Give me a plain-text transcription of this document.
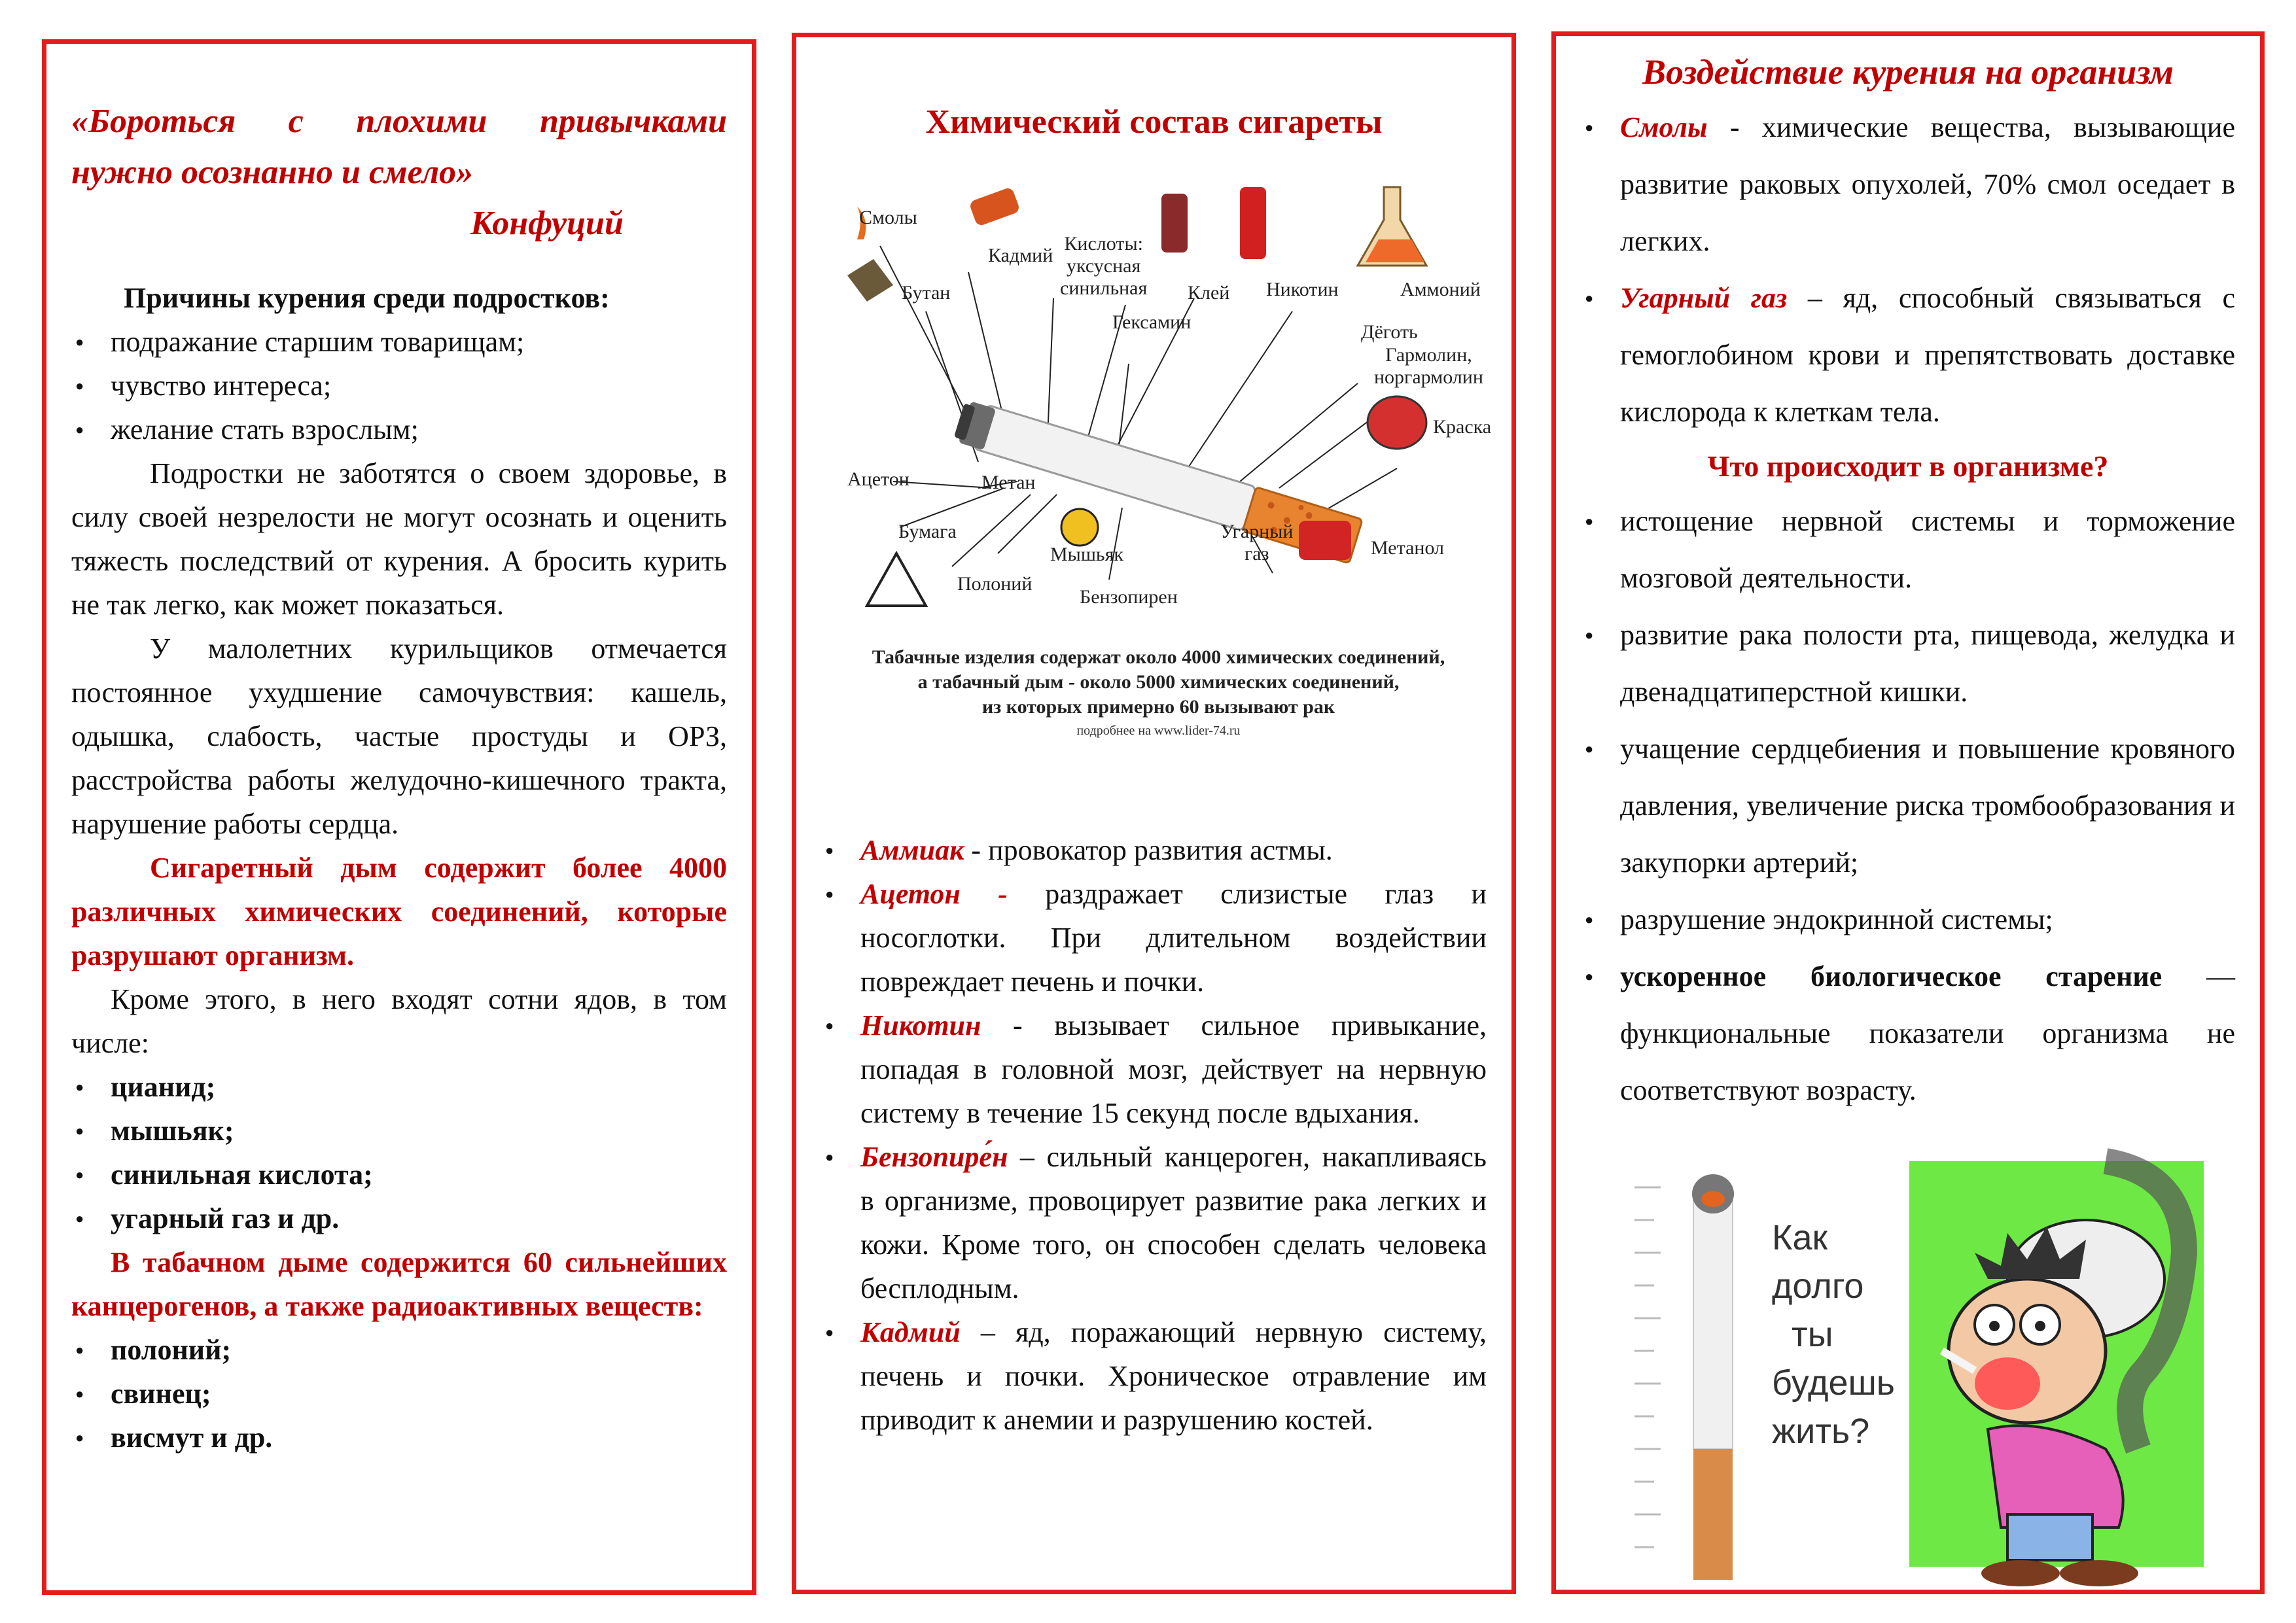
«Бороться с плохими привычками

нужно осознанно и смело»

Конфуций

Причины курения среди подростков:

● подражание старшим товарищам;
● чувство интереса;
● желание стать взрослым;

Подростки не заботятся о своем здоровье, в силу своей незрелости не могут осознать и оценить тяжесть последствий от курения. А бросить курить не так легко, как может показаться.

У малолетних курильщиков отмечается постоянное ухудшение самочувствия: кашель, одышка, слабость, частые простуды и ОРЗ, расстройства работы желудочно-кишечного тракта, нарушение работы сердца.

Сигаретный дым содержит более 4000 различных химических соединений, которые разрушают организм.

Кроме этого, в него входят сотни ядов, в том числе:

● цианид;
● мышьяк;
● синильная кислота;
● угарный газ и др.

В табачном дыме содержится 60 сильнейших канцерогенов, а также радиоактивных веществ:

● полоний;
● свинец;
● висмут и др.

Химический состав сигареты

Смолы
Кадмий
Кислоты:
уксусная
синильная Клей Никотин	Аммоний
Бутан
Гексамин	Дёготь
Гармолин,
норгармолин
Краска
Ацетон	Метан
Бумага
Мышьяк
Угарный
газ	Метанол
Полоний
Бензопирен
Табачные изделия содержат около 4000 химических соединений,
а табачный дым - около 5000 химических соединений,
из которых примерно 60 вызывают рак
подробнее на www.lider-74.ru
● Аммиак - провокатор развития астмы.
● Ацетон - раздражает слизистые глаз и носоглотки. При длительном воздействии повреждает печень и почки.
● Никотин - вызывает сильное привыкание, попадая в головной мозг, действует на нервную систему в течение 15 секунд после вдыхания.
● Бензопире́н – сильный канцероген, накапливаясь в организме, провоцирует развитие рака легких и кожи. Кроме того, он способен сделать человека бесплодным.
● Кадмий – яд, поражающий нервную систему, печень и почки. Хроническое отравление им приводит к анемии и разрушению костей.

Воздействие курения на организм

● Смолы - химические вещества, вызывающие развитие раковых опухолей, 70% смол оседает в легких.
● Угарный газ – яд, способный связываться с гемоглобином крови и препятствовать доставке кислорода к клеткам тела.

Что происходит в организме?

● истощение нервной системы и торможение мозговой деятельности.
● развитие рака полости рта, пищевода, желудка и двенадцатиперстной кишки.
● учащение сердцебиения и повышение кровяного давления, увеличение риска тромбообразования и закупорки артерий;
● разрушение эндокринной системы;
● ускоренное биологическое старение — функциональные показатели организма не соответствуют возрасту.
Как
долго
ты
будешь
жить?
